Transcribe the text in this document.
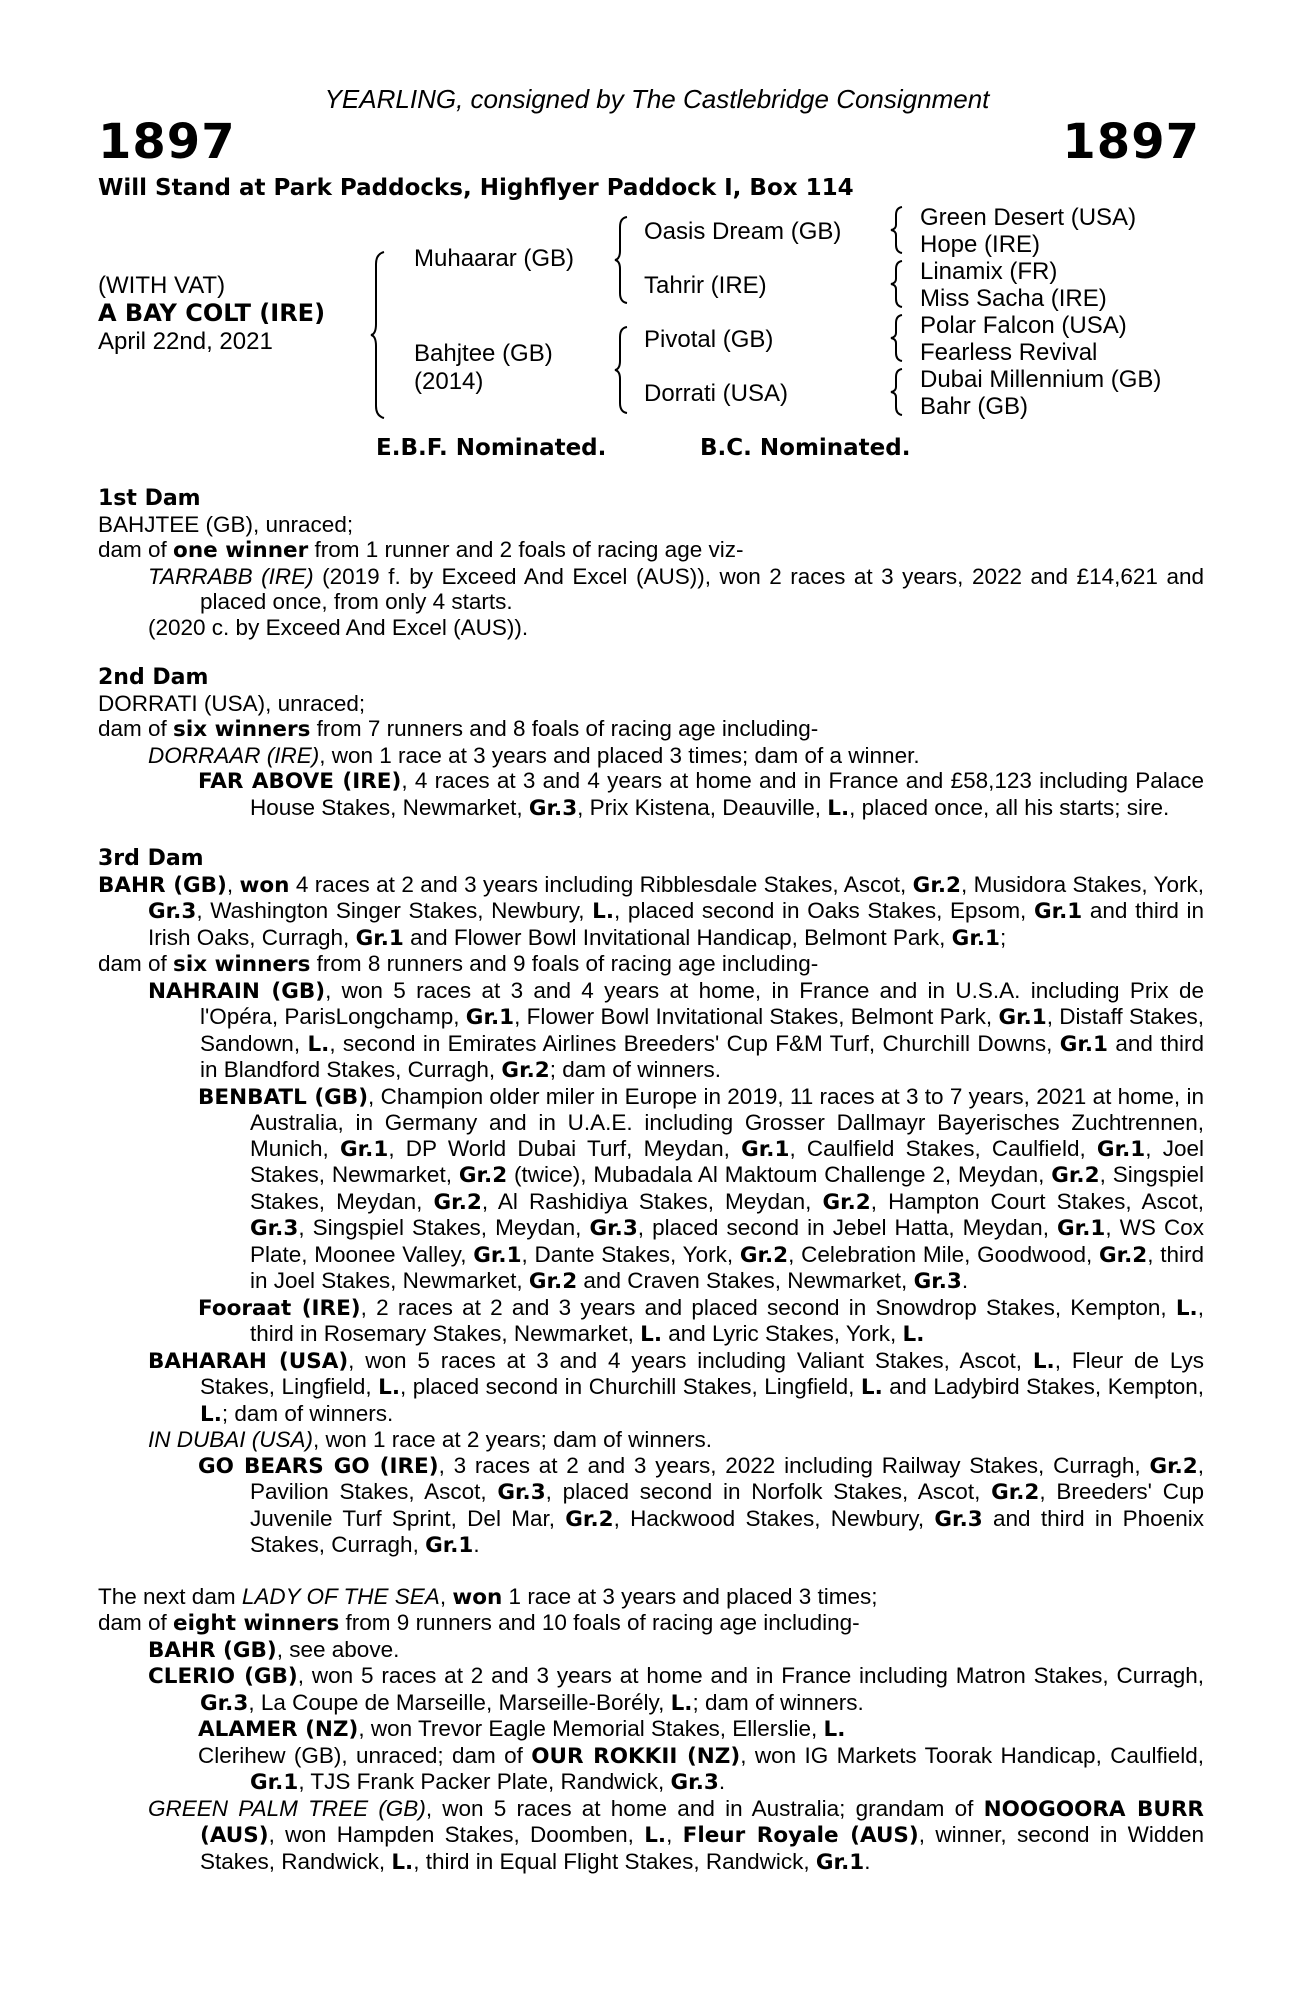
YEARLING, consigned by The Castlebridge Consignment
1897	1897
Will Stand at Park Paddocks, Highflyer Paddock I, Box 114
(WITH VAT)
A BAY COLT (IRE)
April 22nd, 2021
Muhaarar (GB)
Bahjtee (GB)
(2014)
Oasis Dream (GB)
Tahrir (IRE)
Pivotal (GB)
Dorrati (USA)
Green Desert (USA)
Hope (IRE)
Linamix (FR)
Miss Sacha (IRE)
Polar Falcon (USA)
Fearless Revival
Dubai Millennium (GB)
Bahr (GB)
E.B.F. Nominated.	B.C. Nominated.
1st Dam
BAHJTEE (GB), unraced;
dam of one winner from 1 runner and 2 foals of racing age viz-
TARRABB (IRE) (2019 f. by Exceed And Excel (AUS)), won 2 races at 3 years, 2022 and £14,621 and placed once, from only 4 starts.
(2020 c. by Exceed And Excel (AUS)).
2nd Dam
DORRATI (USA), unraced;
dam of six winners from 7 runners and 8 foals of racing age including-
DORRAAR (IRE), won 1 race at 3 years and placed 3 times; dam of a winner.
FAR ABOVE (IRE), 4 races at 3 and 4 years at home and in France and £58,123 including Palace House Stakes, Newmarket, Gr.3, Prix Kistena, Deauville, L., placed once, all his starts; sire.
3rd Dam
BAHR (GB), won 4 races at 2 and 3 years including Ribblesdale Stakes, Ascot, Gr.2, Musidora Stakes, York, Gr.3, Washington Singer Stakes, Newbury, L., placed second in Oaks Stakes, Epsom, Gr.1 and third in Irish Oaks, Curragh, Gr.1 and Flower Bowl Invitational Handicap, Belmont Park, Gr.1;
dam of six winners from 8 runners and 9 foals of racing age including-
NAHRAIN (GB), won 5 races at 3 and 4 years at home, in France and in U.S.A. including Prix de l'Opéra, ParisLongchamp, Gr.1, Flower Bowl Invitational Stakes, Belmont Park, Gr.1, Distaff Stakes, Sandown, L., second in Emirates Airlines Breeders' Cup F&M Turf, Churchill Downs, Gr.1 and third in Blandford Stakes, Curragh, Gr.2; dam of winners.
BENBATL (GB), Champion older miler in Europe in 2019, 11 races at 3 to 7 years, 2021 at home, in Australia, in Germany and in U.A.E. including Grosser Dallmayr Bayerisches Zuchtrennen, Munich, Gr.1, DP World Dubai Turf, Meydan, Gr.1, Caulfield Stakes, Caulfield, Gr.1, Joel Stakes, Newmarket, Gr.2 (twice), Mubadala Al Maktoum Challenge 2, Meydan, Gr.2, Singspiel Stakes, Meydan, Gr.2, Al Rashidiya Stakes, Meydan, Gr.2, Hampton Court Stakes, Ascot, Gr.3, Singspiel Stakes, Meydan, Gr.3, placed second in Jebel Hatta, Meydan, Gr.1, WS Cox Plate, Moonee Valley, Gr.1, Dante Stakes, York, Gr.2, Celebration Mile, Goodwood, Gr.2, third in Joel Stakes, Newmarket, Gr.2 and Craven Stakes, Newmarket, Gr.3.
Fooraat (IRE), 2 races at 2 and 3 years and placed second in Snowdrop Stakes, Kempton, L., third in Rosemary Stakes, Newmarket, L. and Lyric Stakes, York, L.
BAHARAH (USA), won 5 races at 3 and 4 years including Valiant Stakes, Ascot, L., Fleur de Lys Stakes, Lingfield, L., placed second in Churchill Stakes, Lingfield, L. and Ladybird Stakes, Kempton, L.; dam of winners.
IN DUBAI (USA), won 1 race at 2 years; dam of winners.
GO BEARS GO (IRE), 3 races at 2 and 3 years, 2022 including Railway Stakes, Curragh, Gr.2, Pavilion Stakes, Ascot, Gr.3, placed second in Norfolk Stakes, Ascot, Gr.2, Breeders' Cup Juvenile Turf Sprint, Del Mar, Gr.2, Hackwood Stakes, Newbury, Gr.3 and third in Phoenix Stakes, Curragh, Gr.1.
The next dam LADY OF THE SEA, won 1 race at 3 years and placed 3 times;
dam of eight winners from 9 runners and 10 foals of racing age including-
BAHR (GB), see above.
CLERIO (GB), won 5 races at 2 and 3 years at home and in France including Matron Stakes, Curragh, Gr.3, La Coupe de Marseille, Marseille-Borély, L.; dam of winners.
ALAMER (NZ), won Trevor Eagle Memorial Stakes, Ellerslie, L.
Clerihew (GB), unraced; dam of OUR ROKKII (NZ), won IG Markets Toorak Handicap, Caulfield, Gr.1, TJS Frank Packer Plate, Randwick, Gr.3.
GREEN PALM TREE (GB), won 5 races at home and in Australia; grandam of NOOGOORA BURR (AUS), won Hampden Stakes, Doomben, L., Fleur Royale (AUS), winner, second in Widden Stakes, Randwick, L., third in Equal Flight Stakes, Randwick, Gr.1.
